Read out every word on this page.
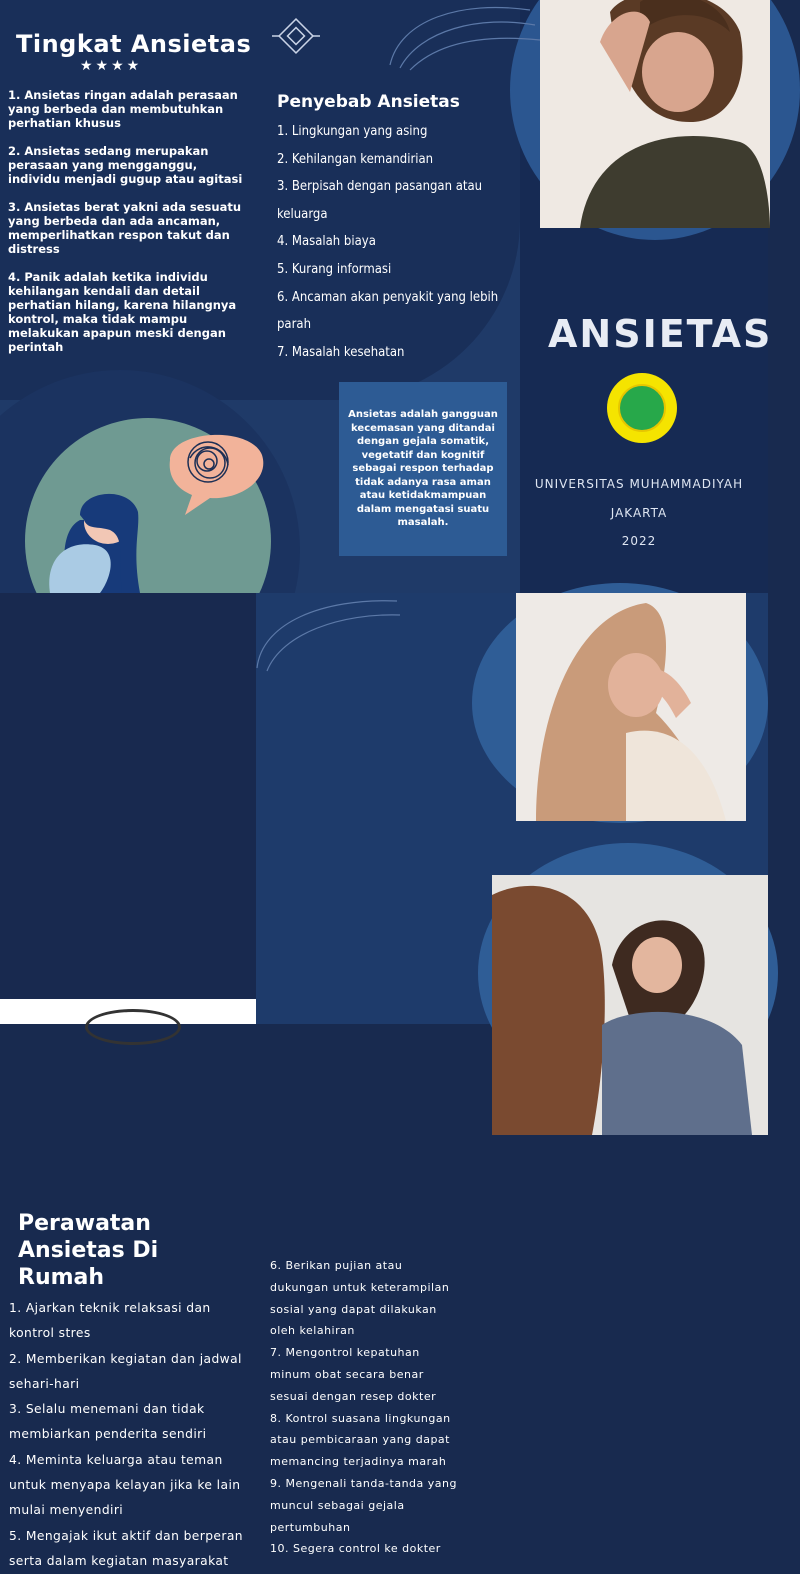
Tingkat Ansietas
★★★★

1. Ansietas ringan adalah perasaan yang berbeda dan membutuhkan perhatian khusus

2. Ansietas sedang merupakan perasaan yang mengganggu, individu menjadi gugup atau agitasi

3. Ansietas berat yakni ada sesuatu yang berbeda dan ada ancaman, memperlihatkan respon takut dan distress

4. Panik adalah ketika individu kehilangan kendali dan detail perhatian hilang, karena hilangnya kontrol, maka tidak mampu melakukan apapun meski dengan perintah

Penyebab Ansietas

1. Lingkungan yang asing

2. Kehilangan kemandirian

3. Berpisah dengan pasangan atau keluarga

4. Masalah biaya

5. Kurang informasi

6. Ancaman akan penyakit yang lebih parah

7. Masalah kesehatan

Ansietas adalah gangguan kecemasan yang ditandai dengan gejala somatik, vegetatif dan kognitif sebagai respon terhadap tidak adanya rasa aman atau ketidakmampuan dalam mengatasi suatu masalah.
ANSIETAS
UNIVERSITAS MUHAMMADIYAH
JAKARTA
2022
Perawatan Ansietas Di Rumah

1. Ajarkan teknik relaksasi dan kontrol stres

2. Memberikan kegiatan dan jadwal sehari-hari

3. Selalu menemani dan tidak membiarkan penderita sendiri

4. Meminta keluarga atau teman untuk menyapa kelayan jika ke lain mulai menyendiri

5. Mengajak ikut aktif dan berperan serta dalam kegiatan masyarakat

6. Berikan pujian atau dukungan untuk keterampilan sosial yang dapat dilakukan oleh kelahiran

7. Mengontrol kepatuhan minum obat secara benar sesuai dengan resep dokter

8. Kontrol suasana lingkungan atau pembicaraan yang dapat memancing terjadinya marah

9. Mengenali tanda-tanda yang muncul sebagai gejala pertumbuhan

10. Segera control ke dokter
